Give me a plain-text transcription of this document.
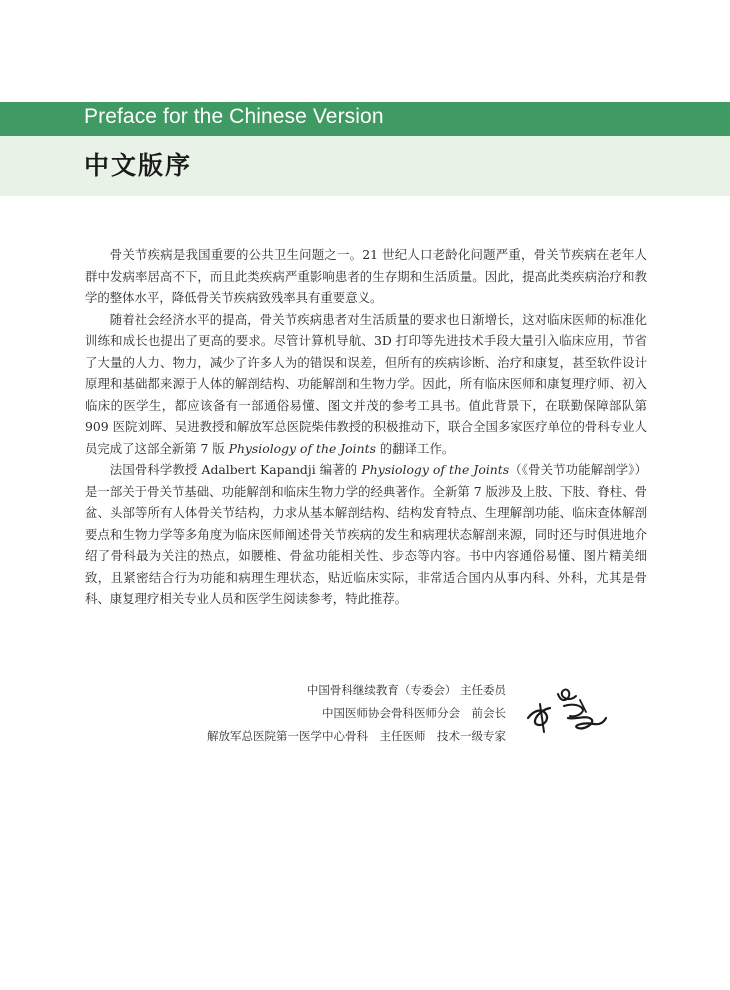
Preface for the Chinese Version
中文版序

骨关节疾病是我国重要的公共卫生问题之一。21 世纪人口老龄化问题严重，骨关节疾病在老年人群中发病率居高不下，而且此类疾病严重影响患者的生存期和生活质量。因此，提高此类疾病治疗和教学的整体水平，降低骨关节疾病致残率具有重要意义。

随着社会经济水平的提高，骨关节疾病患者对生活质量的要求也日渐增长，这对临床医师的标准化训练和成长也提出了更高的要求。尽管计算机导航、3D 打印等先进技术手段大量引入临床应用，节省了大量的人力、物力，减少了许多人为的错误和误差，但所有的疾病诊断、治疗和康复，甚至软件设计原理和基础都来源于人体的解剖结构、功能解剖和生物力学。因此，所有临床医师和康复理疗师、初入临床的医学生，都应该备有一部通俗易懂、图文并茂的参考工具书。值此背景下，在联勤保障部队第 909 医院刘晖、吴进教授和解放军总医院柴伟教授的积极推动下，联合全国多家医疗单位的骨科专业人员完成了这部全新第 7 版 Physiology of the Joints 的翻译工作。

法国骨科学教授 Adalbert Kapandji 编著的 Physiology of the Joints（《骨关节功能解剖学》）是一部关于骨关节基础、功能解剖和临床生物力学的经典著作。全新第 7 版涉及上肢、下肢、脊柱、骨盆、头部等所有人体骨关节结构，力求从基本解剖结构、结构发育特点、生理解剖功能、临床查体解剖要点和生物力学等多角度为临床医师阐述骨关节疾病的发生和病理状态解剖来源，同时还与时俱进地介绍了骨科最为关注的热点，如腰椎、骨盆功能相关性、步态等内容。书中内容通俗易懂、图片精美细致，且紧密结合行为功能和病理生理状态，贴近临床实际，非常适合国内从事内科、外科，尤其是骨科、康复理疗相关专业人员和医学生阅读参考，特此推荐。

中国骨科继续教育（专委会） 主任委员
中国医师协会骨科医师分会　前会长
解放军总医院第一医学中心骨科　主任医师　技术一级专家
